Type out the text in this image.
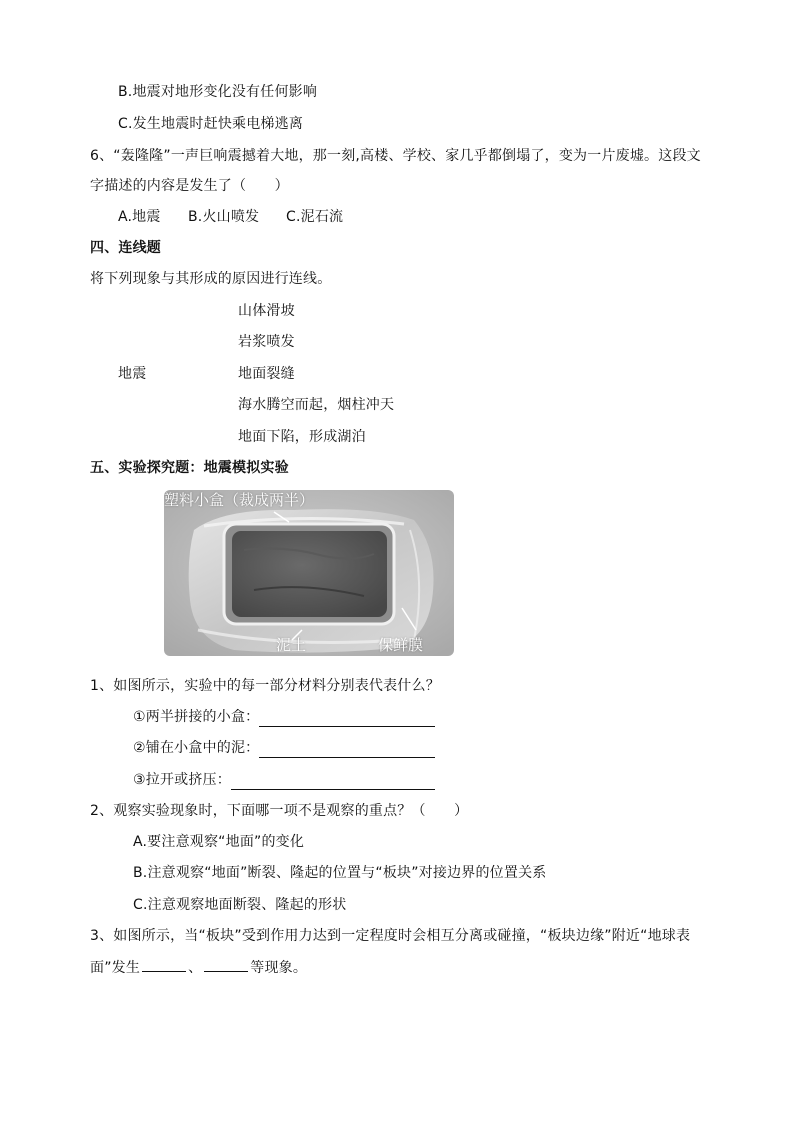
B.地震对地形变化没有任何影响
C.发生地震时赶快乘电梯逃离
6、“轰隆隆”一声巨响震撼着大地，那一刻,高楼、学校、家几乎都倒塌了，变为一片废墟。这段文
字描述的内容是发生了（　　）
A.地震 B.火山喷发 C.泥石流
四、连线题
将下列现象与其形成的原因进行连线。
地震
山体滑坡
岩浆喷发
地面裂缝
海水腾空而起，烟柱冲天
地面下陷，形成湖泊
五、实验探究题：地震模拟实验
塑料小盒（裁成两半）
泥土	保鲜膜
1、如图所示，实验中的每一部分材料分别表代表什么？
①两半拼接的小盒：
②铺在小盒中的泥：
③拉开或挤压：
2、观察实验现象时，下面哪一项不是观察的重点？（　　）
A.要注意观察“地面”的变化
B.注意观察“地面”断裂、隆起的位置与“板块”对接边界的位置关系
C.注意观察地面断裂、隆起的形状
3、如图所示，当“板块”受到作用力达到一定程度时会相互分离或碰撞，“板块边缘”附近“地球表
面”发生	、	等现象。
